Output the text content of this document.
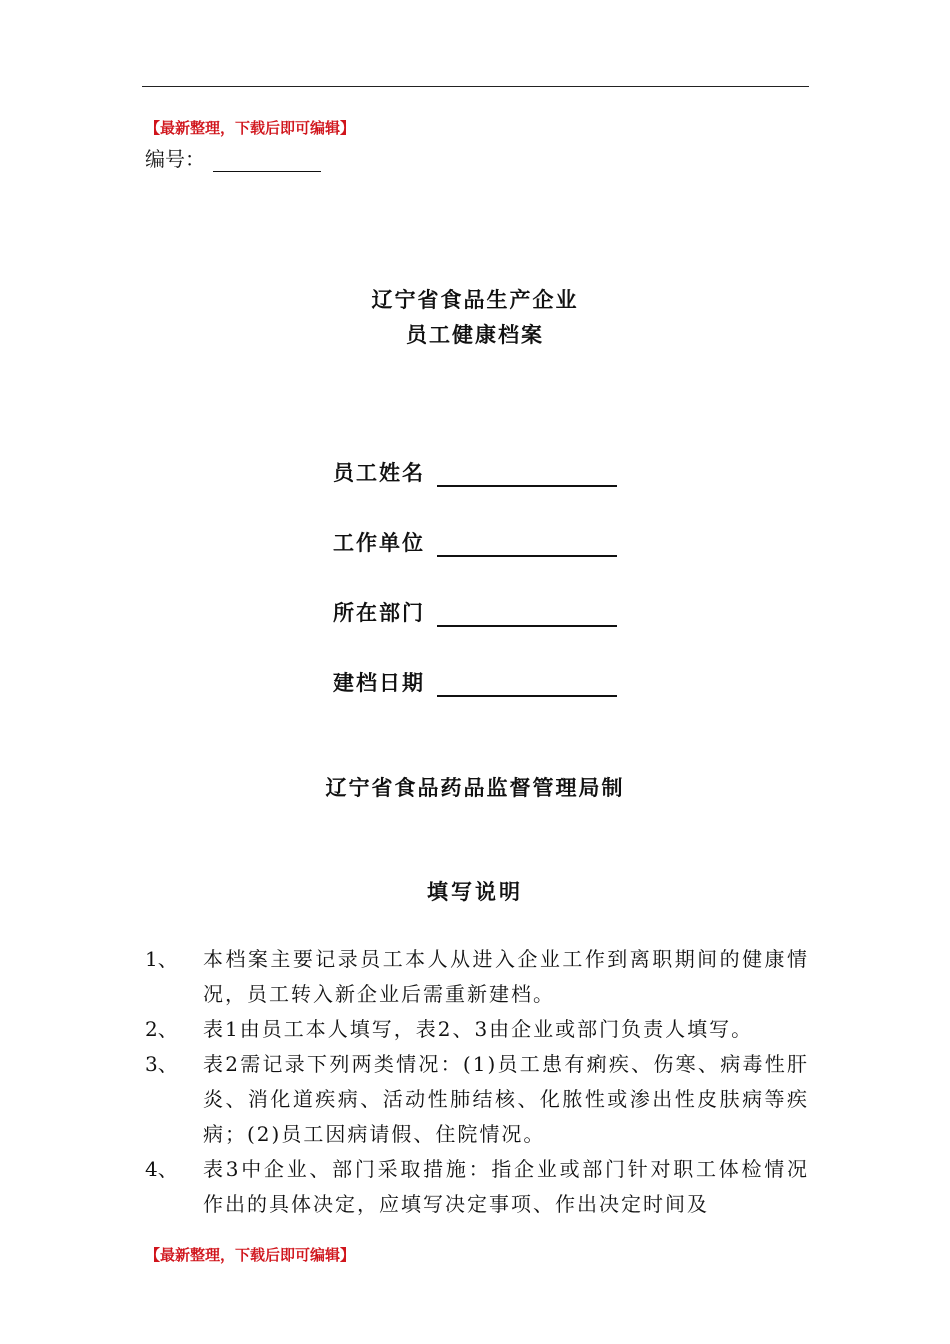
【最新整理，下载后即可编辑】
编号：
辽宁省食品生产企业
员工健康档案
员工姓名
工作单位
所在部门
建档日期
辽宁省食品药品监督管理局制
填写说明
1、	本档案主要记录员工本人从进入企业工作到离职期间的健康情况，员工转入新企业后需重新建档。
2、	表1由员工本人填写，表2、3由企业或部门负责人填写。
3、	表2需记录下列两类情况：(1)员工患有痢疾、伤寒、病毒性肝炎、消化道疾病、活动性肺结核、化脓性或渗出性皮肤病等疾病；(2)员工因病请假、住院情况。
4、	表3中企业、部门采取措施：指企业或部门针对职工体检情况作出的具体决定，应填写决定事项、作出决定时间及
【最新整理，下载后即可编辑】
